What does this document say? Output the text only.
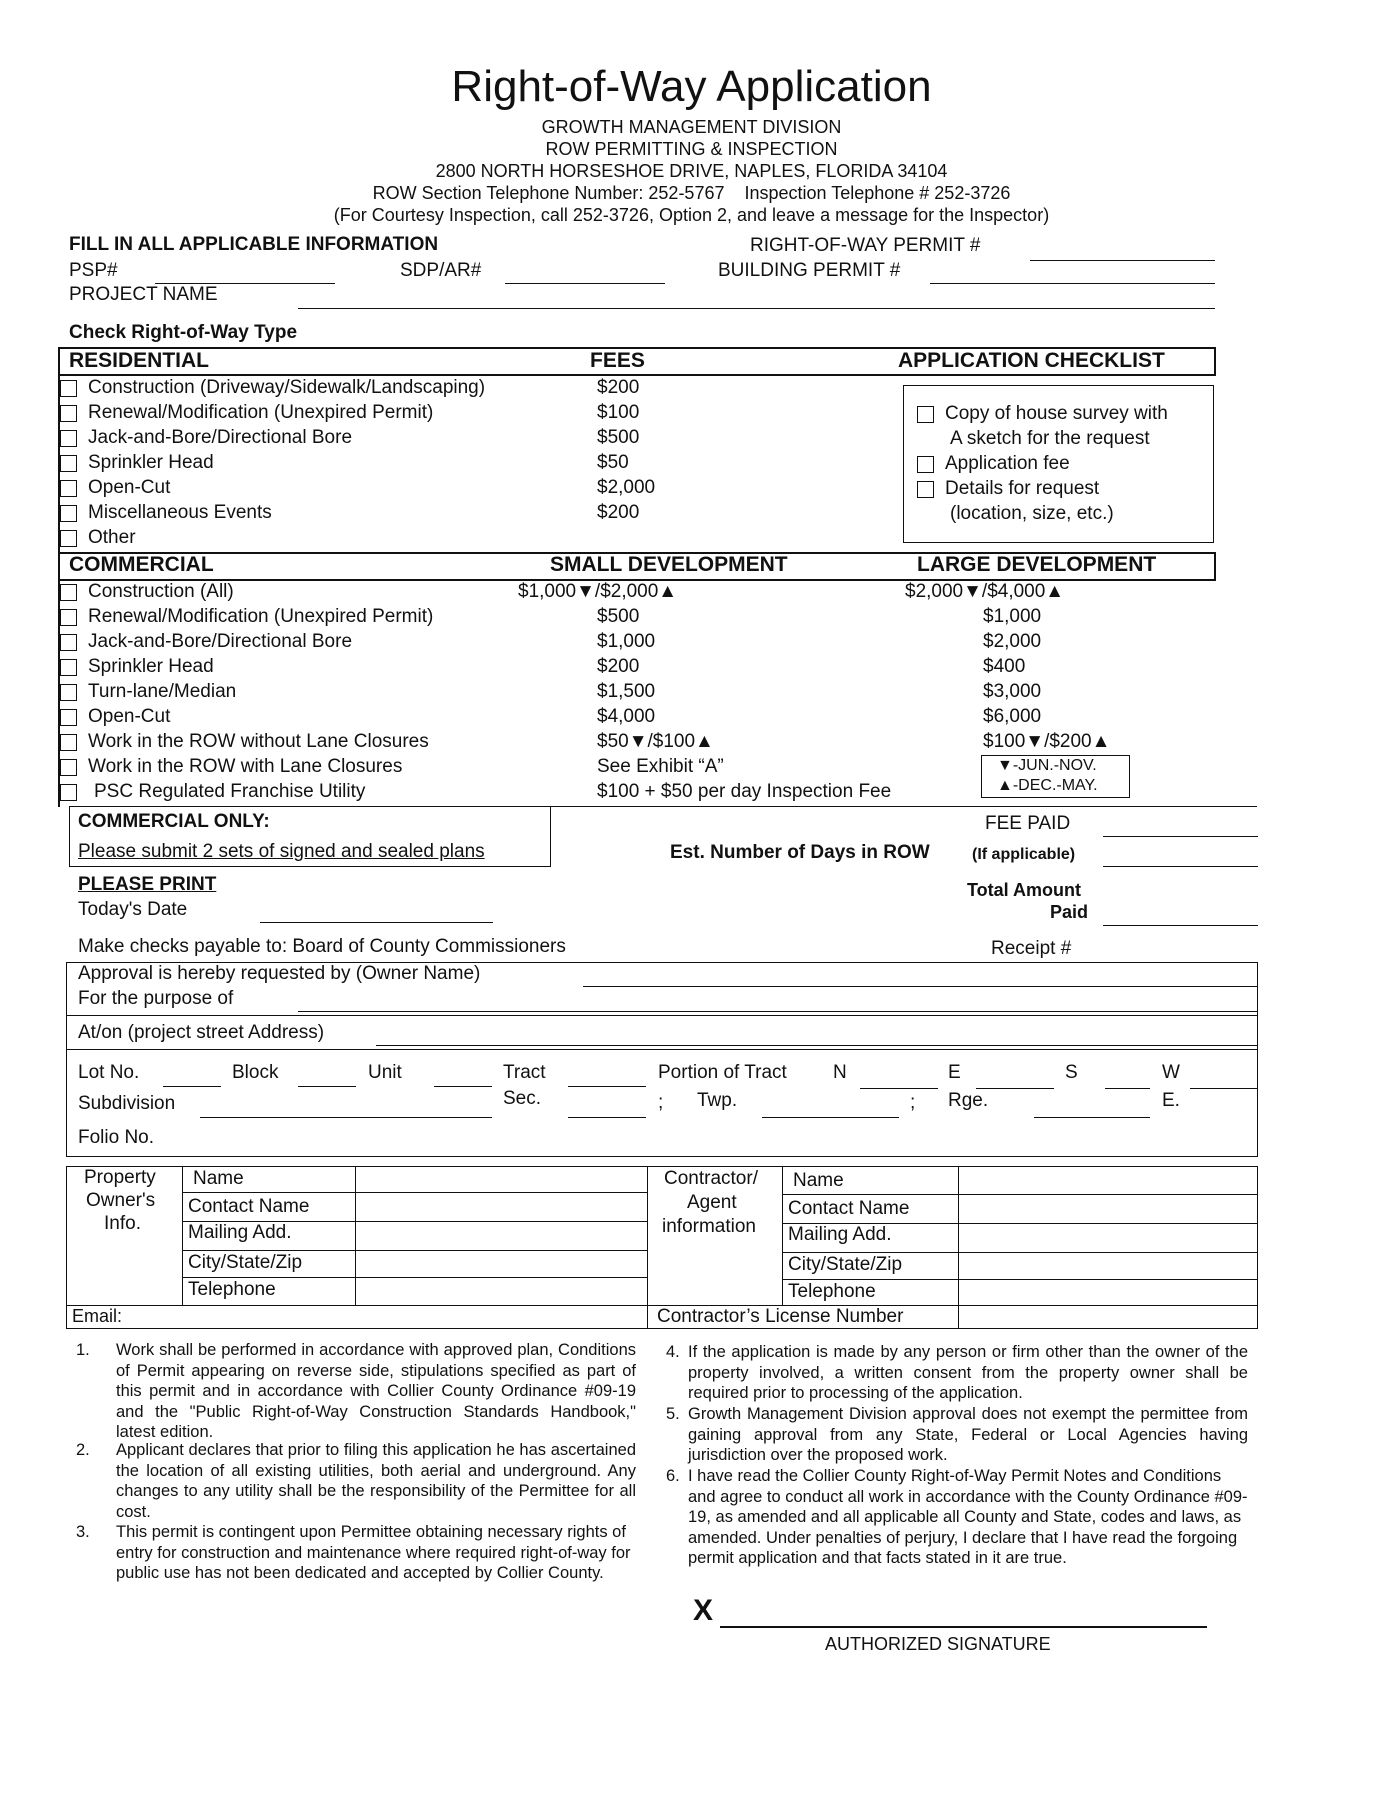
Right-of-Way Application
GROWTH MANAGEMENT DIVISION
ROW PERMITTING & INSPECTION
2800 NORTH HORSESHOE DRIVE, NAPLES, FLORIDA 34104
ROW Section Telephone Number: 252-5767    Inspection Telephone # 252-3726
(For Courtesy Inspection, call 252-3726, Option 2, and leave a message for the Inspector)
FILL IN ALL APPLICABLE INFORMATION	RIGHT-OF-WAY PERMIT #
PSP#	SDP/AR#	BUILDING PERMIT #
PROJECT NAME
Check Right-of-Way Type
RESIDENTIAL	FEES	APPLICATION CHECKLIST
Construction (Driveway/Sidewalk/Landscaping)	$200
Renewal/Modification (Unexpired Permit)	$100
Jack-and-Bore/Directional Bore	$500
Sprinkler Head	$50
Open-Cut	$2,000
Miscellaneous Events	$200
Other
Copy of house survey with
A sketch for the request
Application fee
Details for request
(location, size, etc.)
COMMERCIAL	SMALL DEVELOPMENT	LARGE DEVELOPMENT
Construction (All)	$1,000▼/$2,000▲	$2,000▼/$4,000▲
Renewal/Modification (Unexpired Permit)	$500	$1,000
Jack-and-Bore/Directional Bore	$1,000	$2,000
Sprinkler Head	$200	$400
Turn-lane/Median	$1,500	$3,000
Open-Cut	$4,000	$6,000
Work in the ROW without Lane Closures	$50▼/$100▲	$100▼/$200▲
Work in the ROW with Lane Closures	See Exhibit “A”
PSC Regulated Franchise Utility	$100 + $50 per day Inspection Fee
▼-JUN.-NOV.
▲-DEC.-MAY.
COMMERCIAL ONLY:
Please submit 2 sets of signed and sealed plans
FEE PAID
Est. Number of Days in ROW	(If applicable)
PLEASE PRINT
Today's Date
Total Amount
Paid
Make checks payable to: Board of County Commissioners	Receipt #
Approval is hereby requested by (Owner Name)
For the purpose of
At/on (project street Address)
Lot No.	Block	Unit	Tract	Portion of Tract N	E	S	W
Subdivision	Sec.	; Twp.	; Rge.	E.
Folio No.
Property
Owner's
Info.
Name
Contact Name
Mailing Add.
City/State/Zip
Telephone
Email:
Contractor/
Agent
information
Name
Contact Name
Mailing Add.
City/State/Zip
Telephone
Contractor’s License Number
1. Work shall be performed in accordance with approved plan, Conditions of Permit appearing on reverse side, stipulations specified as part of this permit and in accordance with Collier County Ordinance #09-19 and the "Public Right-of-Way Construction Standards Handbook," latest edition.
2. Applicant declares that prior to filing this application he has ascertained the location of all existing utilities, both aerial and underground. Any changes to any utility shall be the responsibility of the Permittee for all cost.
3. This permit is contingent upon Permittee obtaining necessary rights of entry for construction and maintenance where required right-of-way for public use has not been dedicated and accepted by Collier County.
4. If the application is made by any person or firm other than the owner of the property involved, a written consent from the property owner shall be required prior to processing of the application.
5. Growth Management Division approval does not exempt the permittee from gaining approval from any State, Federal or Local Agencies having jurisdiction over the proposed work.
6. I have read the Collier County Right-of-Way Permit Notes and Conditions and agree to conduct all work in accordance with the County Ordinance #09-19, as amended and all applicable all County and State, codes and laws, as amended. Under penalties of perjury, I declare that I have read the forgoing permit application and that facts stated in it are true.
X
AUTHORIZED SIGNATURE
